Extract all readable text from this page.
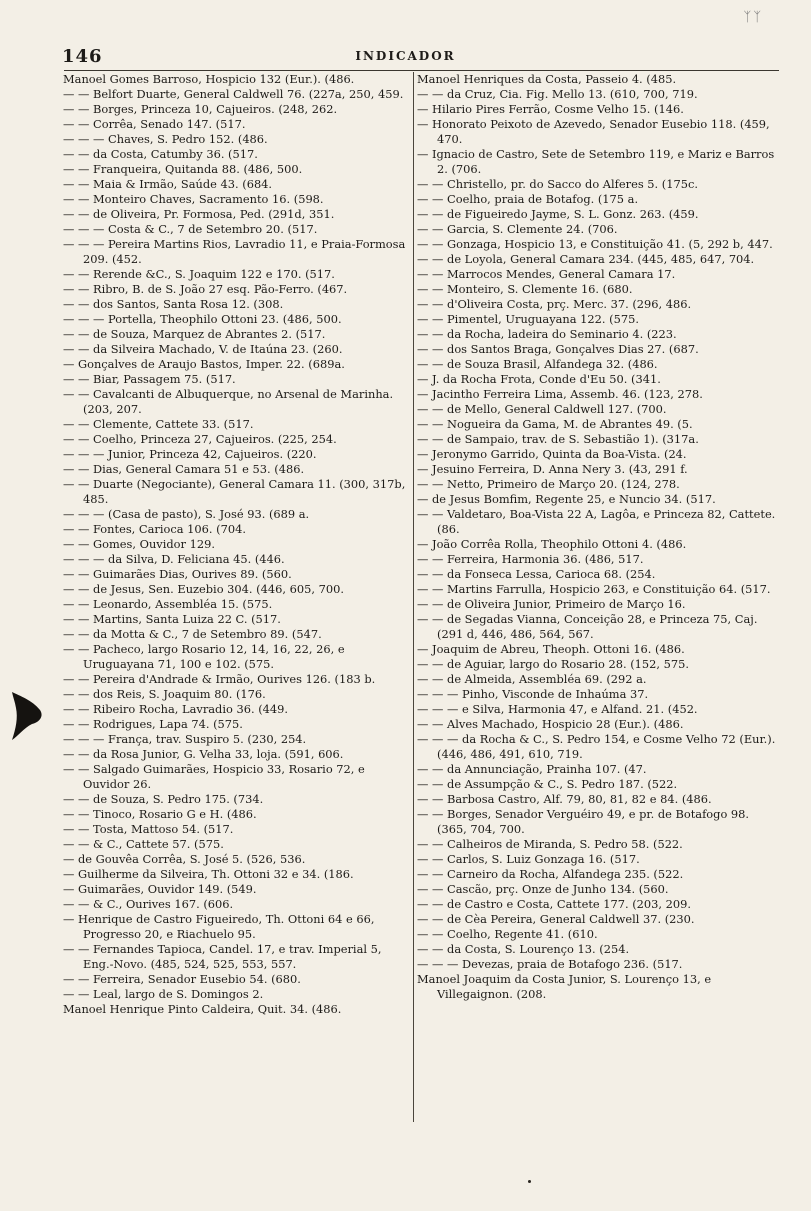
ᛉᛉ
146	INDICADOR

Manoel Gomes Barroso, Hospicio 132 (Eur.). (486.

— — Belfort Duarte, General Caldwell 76. (227a, 250, 459.

— — Borges, Princeza 10, Cajueiros. (248, 262.

— — Corrêa, Senado 147. (517.

— — — Chaves, S. Pedro 152. (486.

— — da Costa, Catumby 36. (517.

— — Franqueira, Quitanda 88. (486, 500.

— — Maia & Irmão, Saúde 43. (684.

— — Monteiro Chaves, Sacramento 16. (598.

— — de Oliveira, Pr. Formosa, Ped. (291d, 351.

— — — Costa & C., 7 de Setembro 20. (517.

— — — Pereira Martins Rios, Lavradio 11, e Praia-Formosa 209. (452.

— — Rerende &C., S. Joaquim 122 e 170. (517.

— — Ribro, B. de S. João 27 esq. Pão-Ferro. (467.

— — dos Santos, Santa Rosa 12. (308.

— — — Portella, Theophilo Ottoni 23. (486, 500.

— — de Souza, Marquez de Abrantes 2. (517.

— — da Silveira Machado, V. de Itaúna 23. (260.

— Gonçalves de Araujo Bastos, Imper. 22. (689a.

— — Biar, Passagem 75. (517.

— — Cavalcanti de Albuquerque, no Arsenal de Marinha. (203, 207.

— — Clemente, Cattete 33. (517.

— — Coelho, Princeza 27, Cajueiros. (225, 254.

— — — Junior, Princeza 42, Cajueiros. (220.

— — Dias, General Camara 51 e 53. (486.

— — Duarte (Negociante), General Camara 11. (300, 317b, 485.

— — — (Casa de pasto), S. José 93. (689 a.

— — Fontes, Carioca 106. (704.

— — Gomes, Ouvidor 129.

— — — da Silva, D. Feliciana 45. (446.

— — Guimarães Dias, Ourives 89. (560.

— — de Jesus, Sen. Euzebio 304. (446, 605, 700.

— — Leonardo, Assembléa 15. (575.

— — Martins, Santa Luiza 22 C. (517.

— — da Motta & C., 7 de Setembro 89. (547.

— — Pacheco, largo Rosario 12, 14, 16, 22, 26, e Uruguayana 71, 100 e 102. (575.

— — Pereira d'Andrade & Irmão, Ourives 126. (183 b.

— — dos Reis, S. Joaquim 80. (176.

— — Ribeiro Rocha, Lavradio 36. (449.

— — Rodrigues, Lapa 74. (575.

— — — França, trav. Suspiro 5. (230, 254.

— — da Rosa Junior, G. Velha 33, loja. (591, 606.

— — Salgado Guimarães, Hospicio 33, Rosario 72, e Ouvidor 26.

— — de Souza, S. Pedro 175. (734.

— — Tinoco, Rosario G e H. (486.

— — Tosta, Mattoso 54. (517.

— — & C., Cattete 57. (575.

— de Gouvêa Corrêa, S. José 5. (526, 536.

— Guilherme da Silveira, Th. Ottoni 32 e 34. (186.

— Guimarães, Ouvidor 149. (549.

— — & C., Ourives 167. (606.

— Henrique de Castro Figueiredo, Th. Ottoni 64 e 66, Progresso 20, e Riachuelo 95.

— — Fernandes Tapioca, Candel. 17, e trav. Imperial 5, Eng.-Novo. (485, 524, 525, 553, 557.

— — Ferreira, Senador Eusebio 54. (680.

— — Leal, largo de S. Domingos 2.

Manoel Henrique Pinto Caldeira, Quit. 34. (486.

Manoel Henriques da Costa, Passeio 4. (485.

— — da Cruz, Cia. Fig. Mello 13. (610, 700, 719.

— Hilario Pires Ferrão, Cosme Velho 15. (146.

— Honorato Peixoto de Azevedo, Senador Eusebio 118. (459, 470.

— Ignacio de Castro, Sete de Setembro 119, e Mariz e Barros 2. (706.

— — Christello, pr. do Sacco do Alferes 5. (175c.

— — Coelho, praia de Botafog. (175 a.

— — de Figueiredo Jayme, S. L. Gonz. 263. (459.

— — Garcia, S. Clemente 24. (706.

— — Gonzaga, Hospicio 13, e Constituição 41. (5, 292 b, 447.

— — de Loyola, General Camara 234. (445, 485, 647, 704.

— — Marrocos Mendes, General Camara 17.

— — Monteiro, S. Clemente 16. (680.

— — d'Oliveira Costa, prç. Merc. 37. (296, 486.

— — Pimentel, Uruguayana 122. (575.

— — da Rocha, ladeira do Seminario 4. (223.

— — dos Santos Braga, Gonçalves Dias 27. (687.

— — de Souza Brasil, Alfandega 32. (486.

— J. da Rocha Frota, Conde d'Eu 50. (341.

— Jacintho Ferreira Lima, Assemb. 46. (123, 278.

— — de Mello, General Caldwell 127. (700.

— — Nogueira da Gama, M. de Abrantes 49. (5.

— — de Sampaio, trav. de S. Sebastião 1). (317a.

— Jeronymo Garrido, Quinta da Boa-Vista. (24.

— Jesuino Ferreira, D. Anna Nery 3. (43, 291 f.

— — Netto, Primeiro de Março 20. (124, 278.

— de Jesus Bomfim, Regente 25, e Nuncio 34. (517.

— — Valdetaro, Boa-Vista 22 A, Lagôa, e Princeza 82, Cattete. (86.

— João Corrêa Rolla, Theophilo Ottoni 4. (486.

— — Ferreira, Harmonia 36. (486, 517.

— — da Fonseca Lessa, Carioca 68. (254.

— — Martins Farrulla, Hospicio 263, e Constituição 64. (517.

— — de Oliveira Junior, Primeiro de Março 16.

— — de Segadas Vianna, Conceição 28, e Princeza 75, Caj. (291 d, 446, 486, 564, 567.

— Joaquim de Abreu, Theoph. Ottoni 16. (486.

— — de Aguiar, largo do Rosario 28. (152, 575.

— — de Almeida, Assembléa 69. (292 a.

— — — Pinho, Visconde de Inhaúma 37.

— — — e Silva, Harmonia 47, e Alfand. 21. (452.

— — Alves Machado, Hospicio 28 (Eur.). (486.

— — — da Rocha & C., S. Pedro 154, e Cosme Velho 72 (Eur.). (446, 486, 491, 610, 719.

— — da Annunciação, Prainha 107. (47.

— — de Assumpção & C., S. Pedro 187. (522.

— — Barbosa Castro, Alf. 79, 80, 81, 82 e 84. (486.

— — Borges, Senador Verguéiro 49, e pr. de Botafogo 98. (365, 704, 700.

— — Calheiros de Miranda, S. Pedro 58. (522.

— — Carlos, S. Luiz Gonzaga 16. (517.

— — Carneiro da Rocha, Alfandega 235. (522.

— — Cascão, prç. Onze de Junho 134. (560.

— — de Castro e Costa, Cattete 177. (203, 209.

— — de Cèa Pereira, General Caldwell 37. (230.

— — Coelho, Regente 41. (610.

— — da Costa, S. Lourenço 13. (254.

— — — Devezas, praia de Botafogo 236. (517.

Manoel Joaquim da Costa Junior, S. Lourenço 13, e Villegaignon. (208.
